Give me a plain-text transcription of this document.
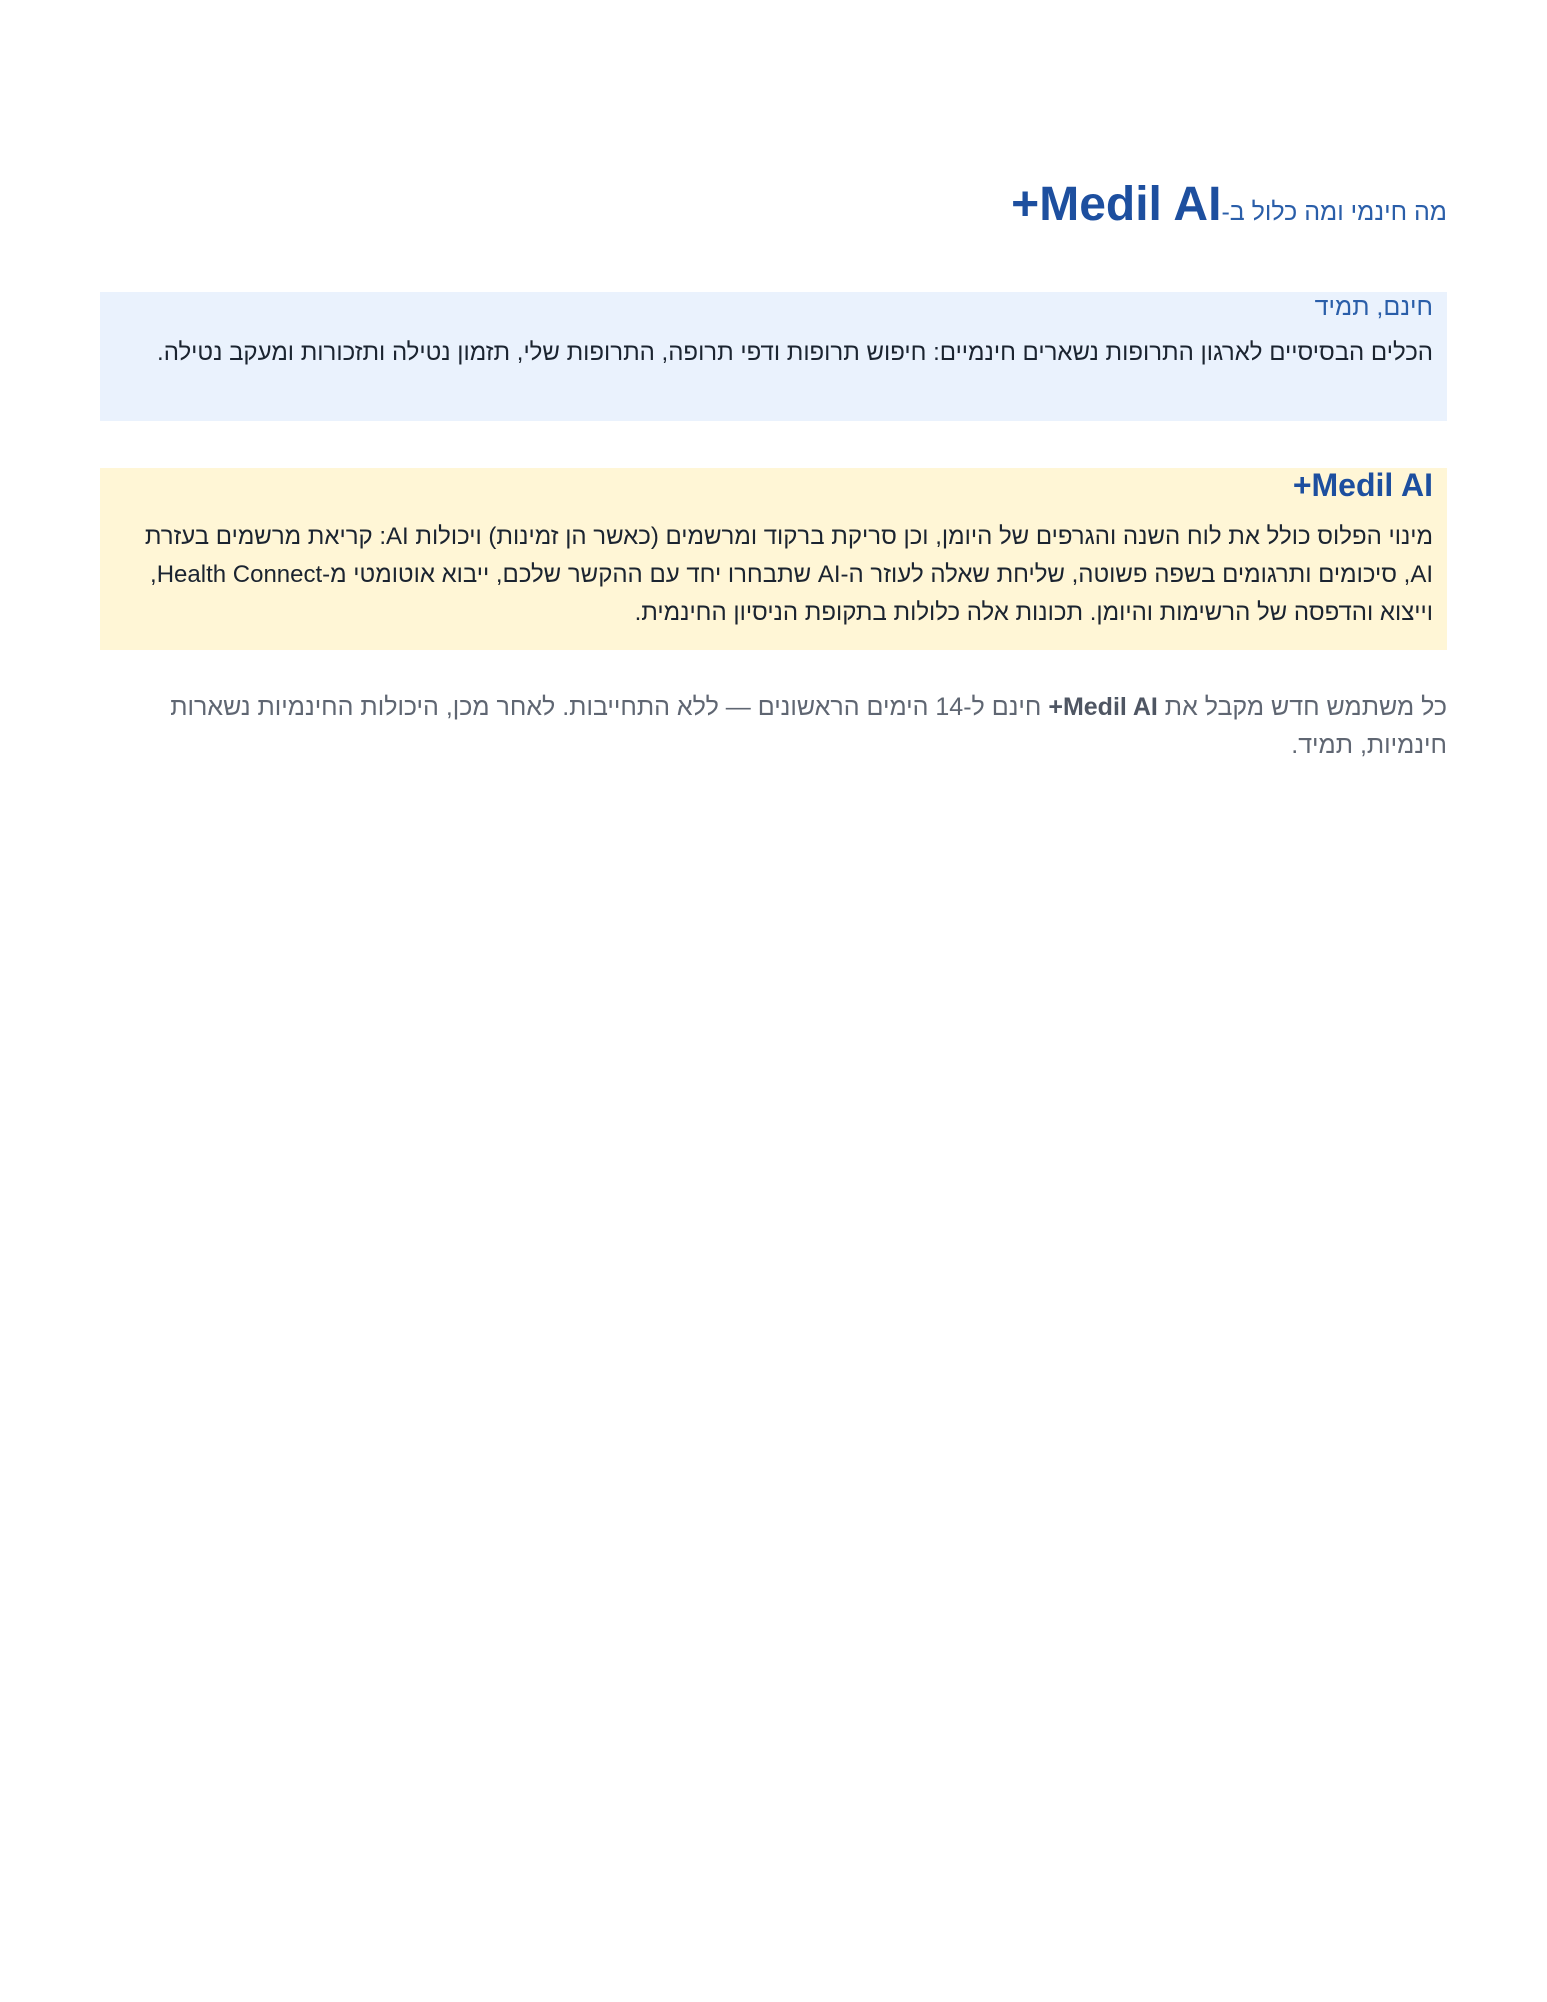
מה חינמי ומה כלול ב-Medil AI+
חינם, תמיד
הכלים הבסיסיים לארגון התרופות נשארים חינמיים: חיפוש תרופות ודפי תרופה, התרופות שלי, תזמון נטילה ותזכורות ומעקב נטילה.
Medil AI+
מינוי הפלוס כולל את לוח השנה והגרפים של היומן, וכן סריקת ברקוד ומרשמים (כאשר הן זמינות) ויכולות AI: קריאת מרשמים בעזרת AI, סיכומים ותרגומים בשפה פשוטה, שליחת שאלה לעוזר ה-AI שתבחרו יחד עם ההקשר שלכם, ייבוא אוטומטי מ-Health Connect, וייצוא והדפסה של הרשימות והיומן. תכונות אלה כלולות בתקופת הניסיון החינמית.

כל משתמש חדש מקבל את Medil AI+ חינם ל-14 הימים הראשונים — ללא התחייבות. לאחר מכן, היכולות החינמיות נשארות חינמיות, תמיד.
